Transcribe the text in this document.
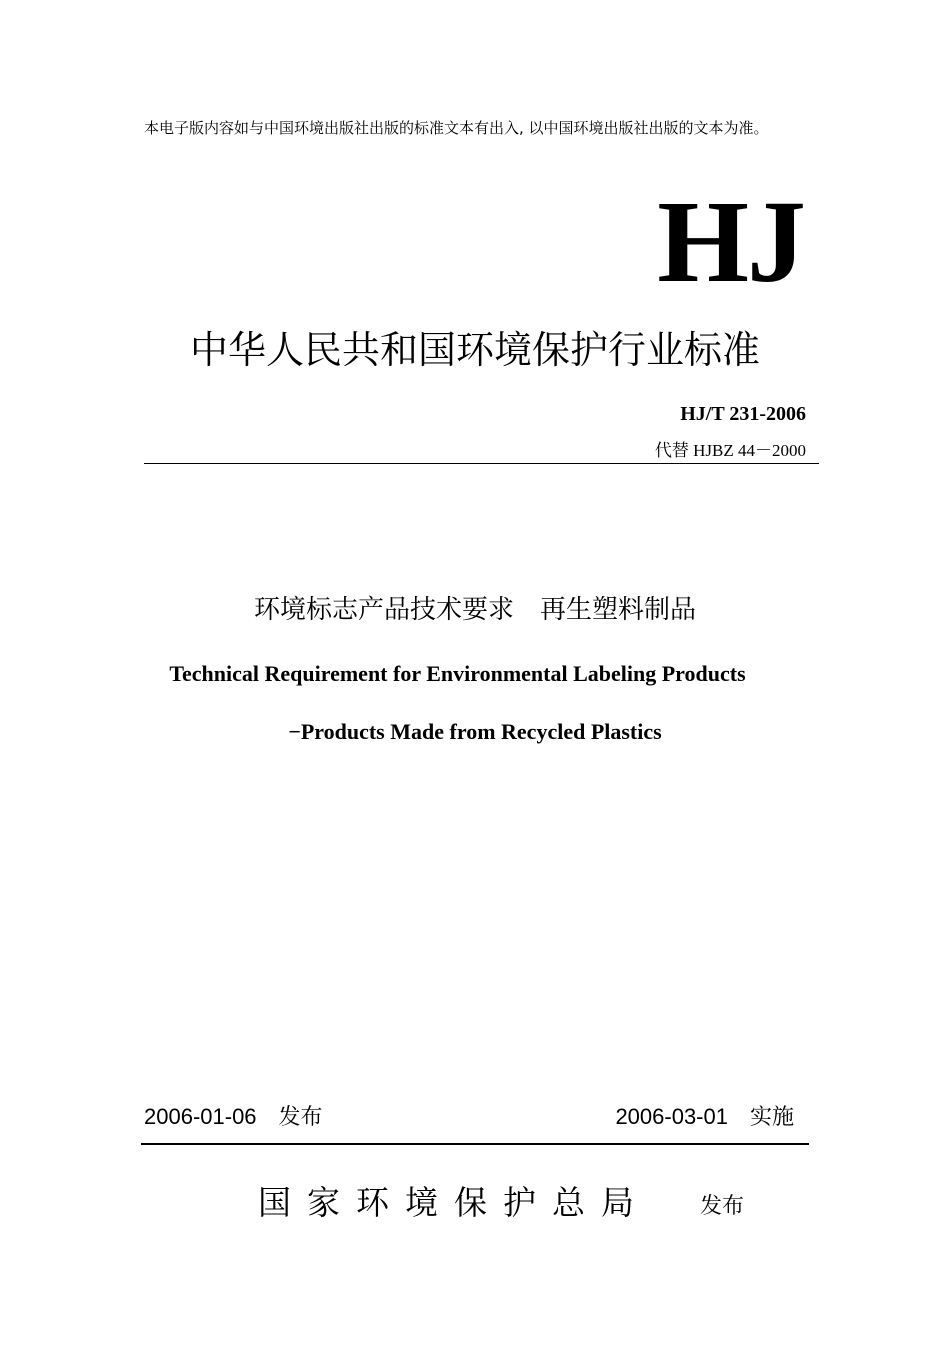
本电子版内容如与中国环境出版社出版的标准文本有出入, 以中国环境出版社出版的文本为准。
HJ
中华人民共和国环境保护行业标准
HJ/T 231-2006
代替 HJBZ 44－2000
环境标志产品技术要求　再生塑料制品
Technical Requirement for Environmental Labeling Products
−Products Made from Recycled Plastics
2006-01-06 发布	2006-03-01 实施
国家环境保护总局 发布
